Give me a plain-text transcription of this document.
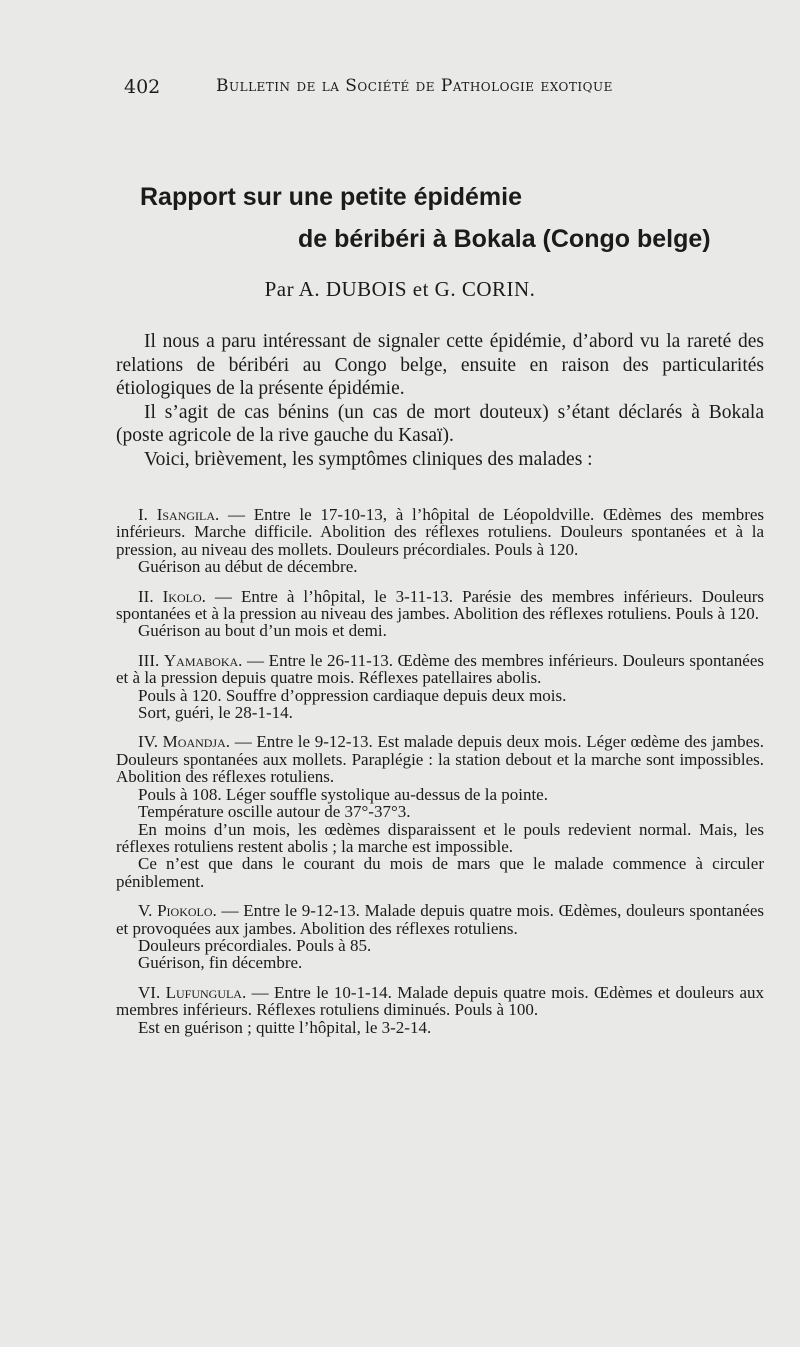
402	Bulletin de la Société de Pathologie exotique
Rapport sur une petite épidémie
de béribéri à Bokala (Congo belge)
Par A. DUBOIS et G. CORIN.

Il nous a paru intéressant de signaler cette épidémie, d’abord vu la rareté des relations de béribéri au Congo belge, ensuite en raison des particularités étiologiques de la présente épidémie.

Il s’agit de cas bénins (un cas de mort douteux) s’étant déclarés à Bokala (poste agricole de la rive gauche du Kasaï).

Voici, brièvement, les symptômes cliniques des malades :

I. Isangila. — Entre le 17-10-13, à l’hôpital de Léopoldville. Œdèmes des membres inférieurs. Marche difficile. Abolition des réflexes rotuliens. Douleurs spontanées et à la pression, au niveau des mollets. Douleurs précordiales. Pouls à 120.

Guérison au début de décembre.

II. Ikolo. — Entre à l’hôpital, le 3-11-13. Parésie des membres inférieurs. Douleurs spontanées et à la pression au niveau des jambes. Abolition des réflexes rotuliens. Pouls à 120.

Guérison au bout d’un mois et demi.

III. Yamaboka. — Entre le 26-11-13. Œdème des membres inférieurs. Douleurs spontanées et à la pression depuis quatre mois. Réflexes patellaires abolis.

Pouls à 120. Souffre d’oppression cardiaque depuis deux mois.

Sort, guéri, le 28-1-14.

IV. Moandja. — Entre le 9-12-13. Est malade depuis deux mois. Léger œdème des jambes. Douleurs spontanées aux mollets. Paraplégie : la station debout et la marche sont impossibles. Abolition des réflexes rotuliens.

Pouls à 108. Léger souffle systolique au-dessus de la pointe.

Température oscille autour de 37°-37°3.

En moins d’un mois, les œdèmes disparaissent et le pouls redevient normal. Mais, les réflexes rotuliens restent abolis ; la marche est impossible.

Ce n’est que dans le courant du mois de mars que le malade commence à circuler péniblement.

V. Piokolo. — Entre le 9-12-13. Malade depuis quatre mois. Œdèmes, douleurs spontanées et provoquées aux jambes. Abolition des réflexes rotuliens.

Douleurs précordiales. Pouls à 85.

Guérison, fin décembre.

VI. Lufungula. — Entre le 10-1-14. Malade depuis quatre mois. Œdèmes et douleurs aux membres inférieurs. Réflexes rotuliens diminués. Pouls à 100.

Est en guérison ; quitte l’hôpital, le 3-2-14.
